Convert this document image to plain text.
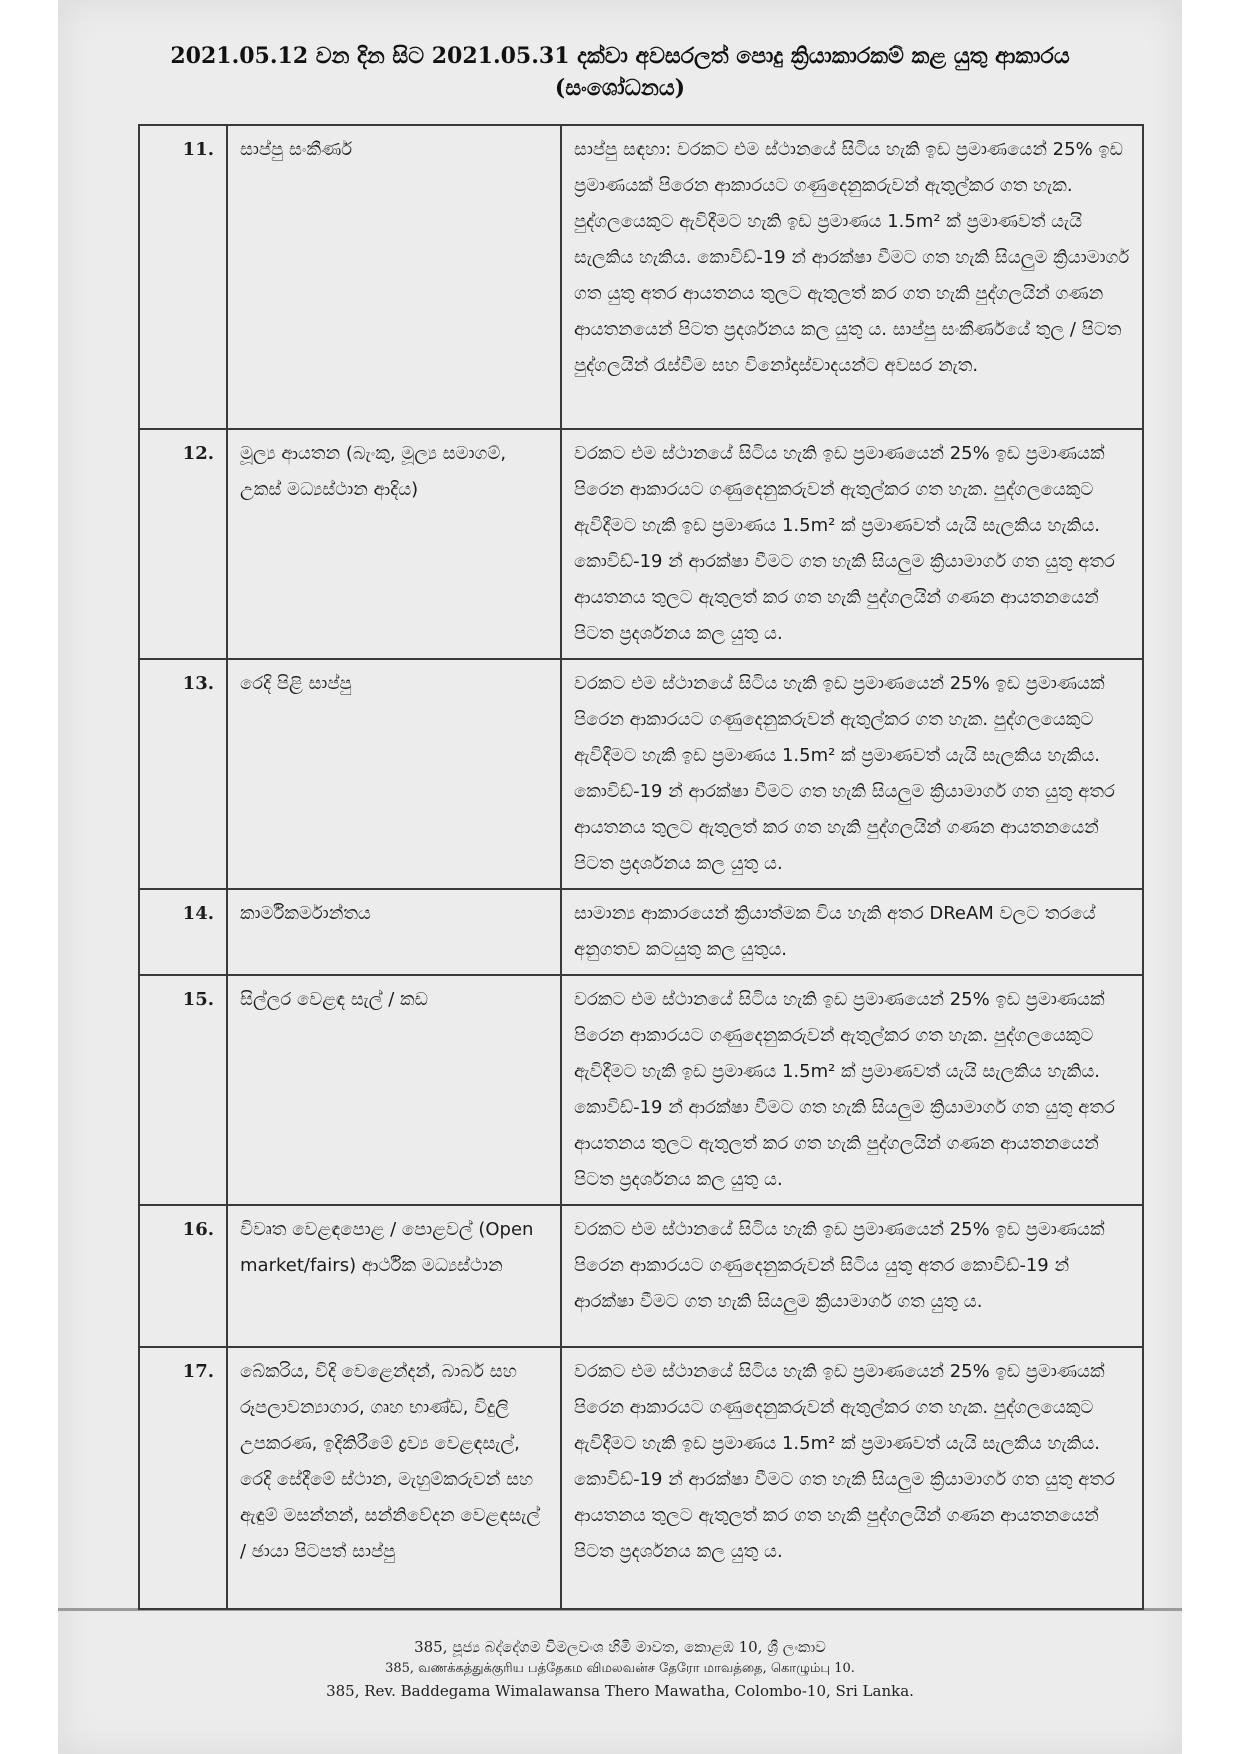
2021.05.12 වන දින සිට 2021.05.31 දක්වා අවසරලත් පොදු ක්‍රියාකාරකම් කළ යුතු ආකාරය
(සංශෝධනය)
11.	සාප්පු සංකීර්ණ	සාප්පු සඳහා: වරකට එම ස්ථානයේ සිටිය හැකි ඉඩ ප්‍රමාණයෙන් 25% ඉඩ ප්‍රමාණයක් පිරෙන ආකාරයට ගණුදෙනුකරුවන් ඇතුල්කර ගත හැක. පුද්ගලයෙකුට ඇවිදීමට හැකි ඉඩ ප්‍රමාණය 1.5m² ක් ප්‍රමාණවත් යැයි සැලකිය හැකිය. කොවිඩ්-19 න් ආරක්ෂා වීමට ගත හැකි සියලුම ක්‍රියාමාර්ග ගත යුතු අතර ආයතනය තුලට ඇතුලත් කර ගත හැකි පුද්ගලයින් ගණන ආයතනයෙන් පිටත ප්‍රදර්ශනය කල යුතු ය. සාප්පු සංකීර්ණයේ තුල / පිටත පුද්ගලයින් රැස්වීම සහ විනෝදාස්වාදයන්ට අවසර නැත.
12.	මූල්‍ය ආයතන (බැංකු, මූල්‍ය සමාගම්, උකස් මධ්‍යස්ථාන ආදිය)	වරකට එම ස්ථානයේ සිටිය හැකි ඉඩ ප්‍රමාණයෙන් 25% ඉඩ ප්‍රමාණයක් පිරෙන ආකාරයට ගණුදෙනුකරුවන් ඇතුල්කර ගත හැක. පුද්ගලයෙකුට ඇවිදීමට හැකි ඉඩ ප්‍රමාණය 1.5m² ක් ප්‍රමාණවත් යැයි සැලකිය හැකිය. කොවිඩ්-19 න් ආරක්ෂා වීමට ගත හැකි සියලුම ක්‍රියාමාර්ග ගත යුතු අතර ආයතනය තුලට ඇතුලත් කර ගත හැකි පුද්ගලයින් ගණන ආයතනයෙන් පිටත ප්‍රදර්ශනය කල යුතු ය.
13.	රෙදි පිළි සාප්පු	වරකට එම ස්ථානයේ සිටිය හැකි ඉඩ ප්‍රමාණයෙන් 25% ඉඩ ප්‍රමාණයක් පිරෙන ආකාරයට ගණුදෙනුකරුවන් ඇතුල්කර ගත හැක. පුද්ගලයෙකුට ඇවිදීමට හැකි ඉඩ ප්‍රමාණය 1.5m² ක් ප්‍රමාණවත් යැයි සැලකිය හැකිය. කොවිඩ්-19 න් ආරක්ෂා වීමට ගත හැකි සියලුම ක්‍රියාමාර්ග ගත යුතු අතර ආයතනය තුලට ඇතුලත් කර ගත හැකි පුද්ගලයින් ගණන ආයතනයෙන් පිටත ප්‍රදර්ශනය කල යුතු ය.
14.	කාර්මිකර්මාන්තය	සාමාන්‍ය ආකාරයෙන් ක්‍රියාත්මක විය හැකි අතර DReAM වලට තරයේ අනුගතව කටයුතු කල යුතුය.
15.	සිල්ලර වෙළඳ සැල් / කඩ	වරකට එම ස්ථානයේ සිටිය හැකි ඉඩ ප්‍රමාණයෙන් 25% ඉඩ ප්‍රමාණයක් පිරෙන ආකාරයට ගණුදෙනුකරුවන් ඇතුල්කර ගත හැක. පුද්ගලයෙකුට ඇවිදීමට හැකි ඉඩ ප්‍රමාණය 1.5m² ක් ප්‍රමාණවත් යැයි සැලකිය හැකිය. කොවිඩ්-19 න් ආරක්ෂා වීමට ගත හැකි සියලුම ක්‍රියාමාර්ග ගත යුතු අතර ආයතනය තුලට ඇතුලත් කර ගත හැකි පුද්ගලයින් ගණන ආයතනයෙන් පිටත ප්‍රදර්ශනය කල යුතු ය.
16.	විවෘත වෙළඳපොළ / පොළවල් (Open market/fairs) ආර්ථික මධ්‍යස්ථාන	වරකට එම ස්ථානයේ සිටිය හැකි ඉඩ ප්‍රමාණයෙන් 25% ඉඩ ප්‍රමාණයක් පිරෙන ආකාරයට ගණුදෙනුකරුවන් සිටිය යුතු අතර කොවිඩ්-19 න් ආරක්ෂා වීමට ගත හැකි සියලුම ක්‍රියාමාර්ග ගත යුතු ය.
17.	බේකරිය, විදි වෙළෙන්දන්, බාබර් සහ රූපලාවන්‍යාගාර, ගෘහ භාණ්ඩ, විදුලි උපකරණ, ඉදිකිරීමේ ද්‍රව්‍ය වෙළඳසැල්, රෙදි සේදීමේ ස්ථාන, මැහුම්කරුවන් සහ ඇඳුම් මසන්නන්, සන්නිවේදන වෙළඳසැල් / ඡායා පිටපත් සාප්පු	වරකට එම ස්ථානයේ සිටිය හැකි ඉඩ ප්‍රමාණයෙන් 25% ඉඩ ප්‍රමාණයක් පිරෙන ආකාරයට ගණුදෙනුකරුවන් ඇතුල්කර ගත හැක. පුද්ගලයෙකුට ඇවිදීමට හැකි ඉඩ ප්‍රමාණය 1.5m² ක් ප්‍රමාණවත් යැයි සැලකිය හැකිය. කොවිඩ්-19 න් ආරක්ෂා වීමට ගත හැකි සියලුම ක්‍රියාමාර්ග ගත යුතු අතර ආයතනය තුලට ඇතුලත් කර ගත හැකි පුද්ගලයින් ගණන ආයතනයෙන් පිටත ප්‍රදර්ශනය කල යුතු ය.
385, පූජ්‍ය බද්දේගම විමලවංශ හිමි මාවත, කොළඹ 10, ශ්‍රී ලංකාව
385, வணக்கத்துக்குரிய பத்தேகம விமலவன்ச தேரோ மாவத்தை, கொழும்பு 10.
385, Rev. Baddegama Wimalawansa Thero Mawatha, Colombo-10, Sri Lanka.
